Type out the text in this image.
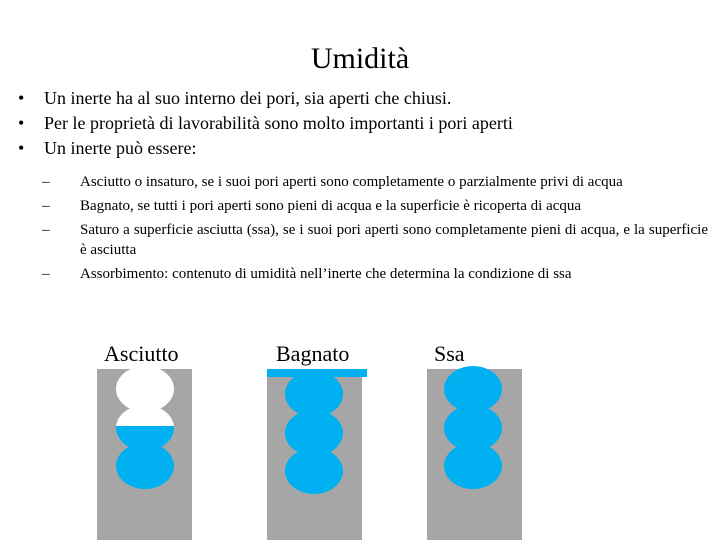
Umidità
• Un inerte ha al suo interno dei pori, sia aperti che chiusi.
• Per le proprietà di lavorabilità sono molto importanti i pori aperti
• Un inerte può essere:
– Asciutto o insaturo, se i suoi pori aperti sono completamente o parzialmente privi di acqua
– Bagnato, se tutti i pori aperti sono pieni di acqua e la superficie è ricoperta di acqua
– Saturo a superficie asciutta (ssa), se i suoi pori aperti sono completamente pieni di acqua, e la superficie è asciutta
– Assorbimento: contenuto di umidità nell’inerte che determina la condizione di ssa
Asciutto	Bagnato	Ssa
